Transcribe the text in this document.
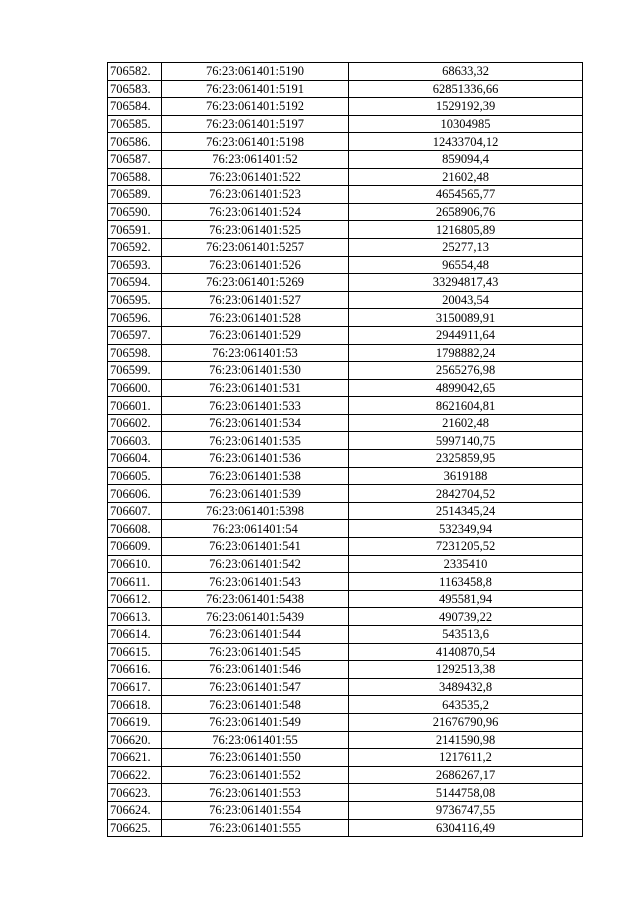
706582.	76:23:061401:5190	68633,32
706583.	76:23:061401:5191	62851336,66
706584.	76:23:061401:5192	1529192,39
706585.	76:23:061401:5197	10304985
706586.	76:23:061401:5198	12433704,12
706587.	76:23:061401:52	859094,4
706588.	76:23:061401:522	21602,48
706589.	76:23:061401:523	4654565,77
706590.	76:23:061401:524	2658906,76
706591.	76:23:061401:525	1216805,89
706592.	76:23:061401:5257	25277,13
706593.	76:23:061401:526	96554,48
706594.	76:23:061401:5269	33294817,43
706595.	76:23:061401:527	20043,54
706596.	76:23:061401:528	3150089,91
706597.	76:23:061401:529	2944911,64
706598.	76:23:061401:53	1798882,24
706599.	76:23:061401:530	2565276,98
706600.	76:23:061401:531	4899042,65
706601.	76:23:061401:533	8621604,81
706602.	76:23:061401:534	21602,48
706603.	76:23:061401:535	5997140,75
706604.	76:23:061401:536	2325859,95
706605.	76:23:061401:538	3619188
706606.	76:23:061401:539	2842704,52
706607.	76:23:061401:5398	2514345,24
706608.	76:23:061401:54	532349,94
706609.	76:23:061401:541	7231205,52
706610.	76:23:061401:542	2335410
706611.	76:23:061401:543	1163458,8
706612.	76:23:061401:5438	495581,94
706613.	76:23:061401:5439	490739,22
706614.	76:23:061401:544	543513,6
706615.	76:23:061401:545	4140870,54
706616.	76:23:061401:546	1292513,38
706617.	76:23:061401:547	3489432,8
706618.	76:23:061401:548	643535,2
706619.	76:23:061401:549	21676790,96
706620.	76:23:061401:55	2141590,98
706621.	76:23:061401:550	1217611,2
706622.	76:23:061401:552	2686267,17
706623.	76:23:061401:553	5144758,08
706624.	76:23:061401:554	9736747,55
706625.	76:23:061401:555	6304116,49
